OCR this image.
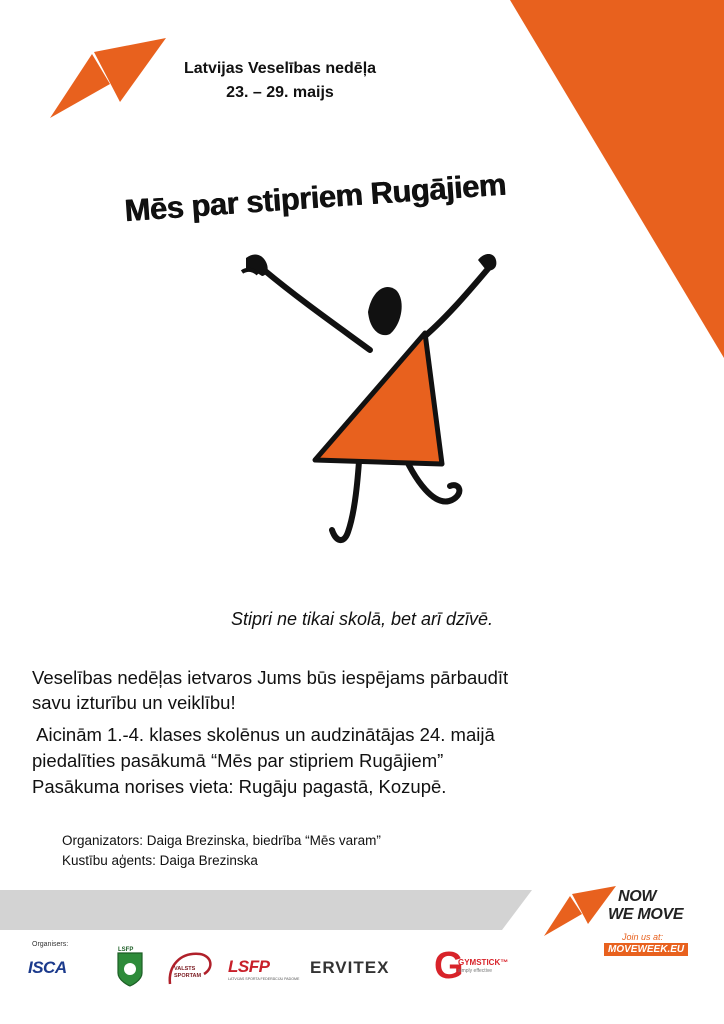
Latvijas Veselības nedēļa
23. – 29. maijs
Mēs par stipriem Rugājiem
Stipri ne tikai skolā, bet arī dzīvē.
Veselības nedēļas ietvaros Jums būs iespējams pārbaudīt
savu izturību un veiklību!
Aicinām 1.-4. klases skolēnus un audzinātājas 24. maijā
piedalīties pasākumā “Mēs par stipriem Rugājiem”
Pasākuma norises vieta: Rugāju pagastā, Kozupē.
Organizators: Daiga Brezinska, biedrība “Mēs varam”
Kustību aģents: Daiga Brezinska
NOW
WE MOVE
Join us at:
MOVEWEEK.EU
Organisers:
ISCA
LSFP
VALSTS SPORTAM	LSFP
LATVIJAS SPORTA FEDERĀCIJU PADOME
ERVITEX	G
GYMSTICK™
simply effective
